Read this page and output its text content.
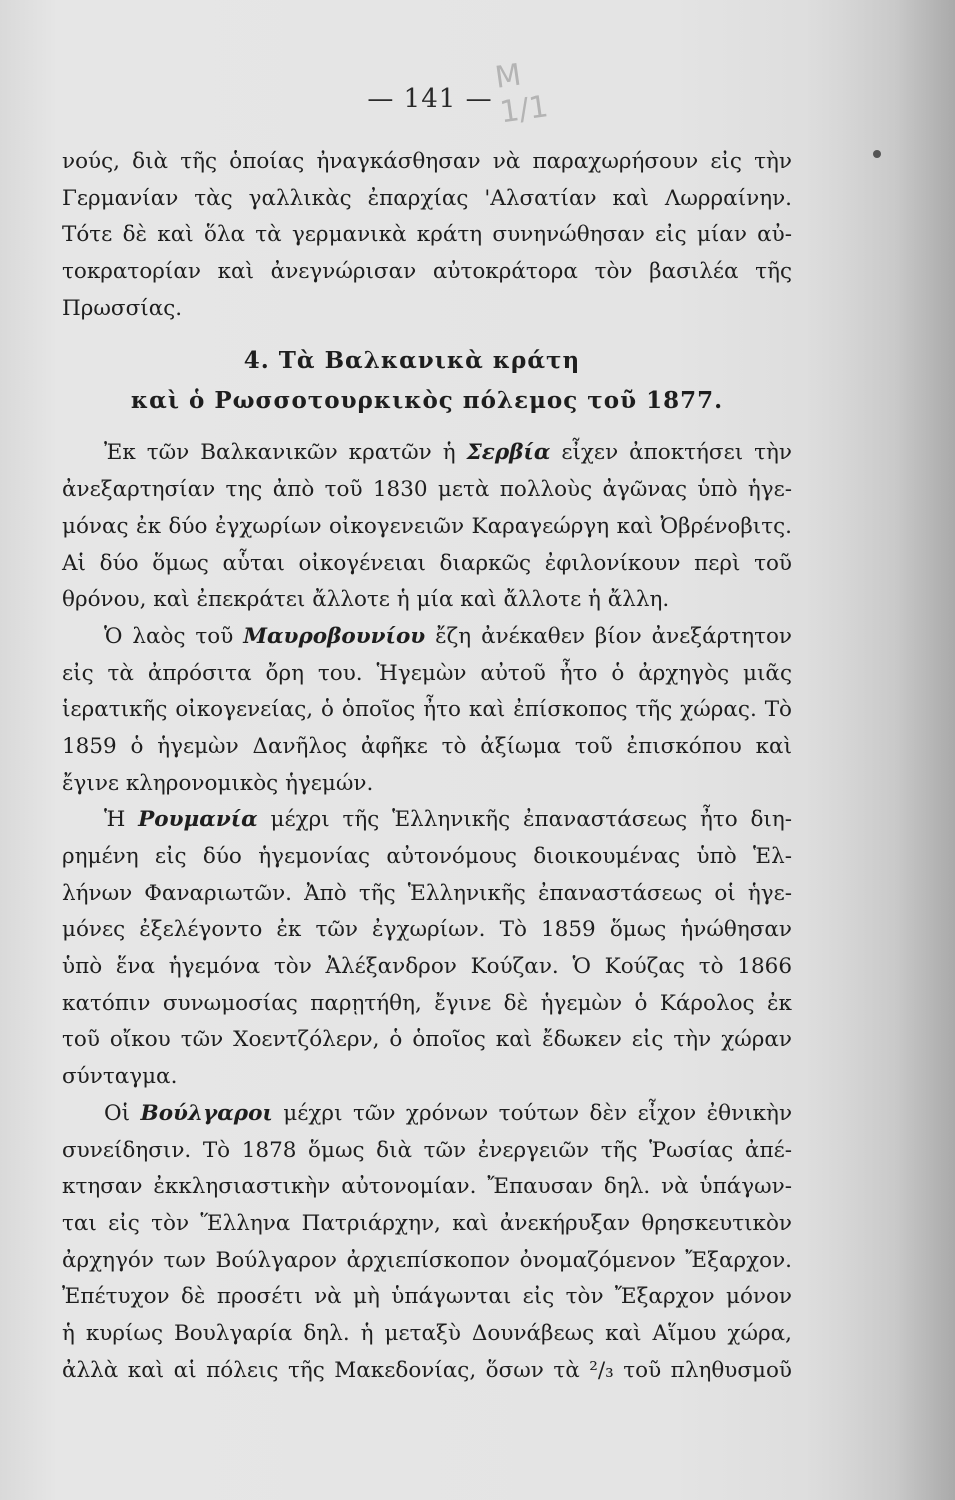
— 141 —
M 1/1
νούς, διὰ τῆς ὁποίας ἠναγκάσθησαν νὰ παραχωρήσουν εἰς τὴν
Γερμανίαν τὰς γαλλικὰς ἐπαρχίας 'Αλσατίαν καὶ Λωρραίνην.
Τότε δὲ καὶ ὅλα τὰ γερμανικὰ κράτη συνηνώθησαν εἰς μίαν αὐ-
τοκρατορίαν καὶ ἀνεγνώρισαν αὐτοκράτορα τὸν βασιλέα τῆς
Πρωσσίας.
4. Τὰ Βαλκανικὰ κράτη
καὶ ὁ Ρωσσοτουρκικὸς πόλεμος τοῦ 1877.
Ἐκ τῶν Βαλκανικῶν κρατῶν ἡ Σερβία εἶχεν ἀποκτήσει τὴν
ἀνεξαρτησίαν της ἀπὸ τοῦ 1830 μετὰ πολλοὺς ἀγῶνας ὑπὸ ἡγε-
μόνας ἐκ δύο ἐγχωρίων οἰκογενειῶν Καραγεώργη καὶ Ὀβρένοβιτς.
Αἱ δύο ὅμως αὗται οἰκογένειαι διαρκῶς ἐφιλονίκουν περὶ τοῦ
θρόνου, καὶ ἐπεκράτει ἄλλοτε ἡ μία καὶ ἄλλοτε ἡ ἄλλη.
Ὁ λαὸς τοῦ Μαυροβουνίου ἔζη ἀνέκαθεν βίον ἀνεξάρτητον
εἰς τὰ ἀπρόσιτα ὄρη του. Ἡγεμὼν αὐτοῦ ἦτο ὁ ἀρχηγὸς μιᾶς
ἱερατικῆς οἰκογενείας, ὁ ὁποῖος ἦτο καὶ ἐπίσκοπος τῆς χώρας. Τὸ
1859 ὁ ἡγεμὼν Δανῆλος ἀφῆκε τὸ ἀξίωμα τοῦ ἐπισκόπου καὶ
ἔγινε κληρονομικὸς ἡγεμών.
Ἡ Ρουμανία μέχρι τῆς Ἑλληνικῆς ἐπαναστάσεως ἦτο διη-
ρημένη εἰς δύο ἡγεμονίας αὐτονόμους διοικουμένας ὑπὸ Ἑλ-
λήνων Φαναριωτῶν. Ἀπὸ τῆς Ἑλληνικῆς ἐπαναστάσεως οἱ ἡγε-
μόνες ἐξελέγοντο ἐκ τῶν ἐγχωρίων. Τὸ 1859 ὅμως ἡνώθησαν
ὑπὸ ἕνα ἡγεμόνα τὸν Ἀλέξανδρον Κούζαν. Ὁ Κούζας τὸ 1866
κατόπιν συνωμοσίας παρῃτήθη, ἔγινε δὲ ἡγεμὼν ὁ Κάρολος ἐκ
τοῦ οἴκου τῶν Χοεντζόλερν, ὁ ὁποῖος καὶ ἔδωκεν εἰς τὴν χώραν
σύνταγμα.
Οἱ Βούλγαροι μέχρι τῶν χρόνων τούτων δὲν εἶχον ἐθνικὴν
συνείδησιν. Τὸ 1878 ὅμως διὰ τῶν ἐνεργειῶν τῆς Ῥωσίας ἀπέ-
κτησαν ἐκκλησιαστικὴν αὐτονομίαν. Ἔπαυσαν δηλ. νὰ ὑπάγων-
ται εἰς τὸν Ἕλληνα Πατριάρχην, καὶ ἀνεκήρυξαν θρησκευτικὸν
ἀρχηγόν των Βούλγαρον ἀρχιεπίσκοπον ὀνομαζόμενον Ἔξαρχον.
Ἐπέτυχον δὲ προσέτι νὰ μὴ ὑπάγωνται εἰς τὸν Ἔξαρχον μόνον
ἡ κυρίως Βουλγαρία δηλ. ἡ μεταξὺ Δουνάβεως καὶ Αἵμου χώρα,
ἀλλὰ καὶ αἱ πόλεις τῆς Μακεδονίας, ὅσων τὰ ²/₃ τοῦ πληθυσμοῦ
